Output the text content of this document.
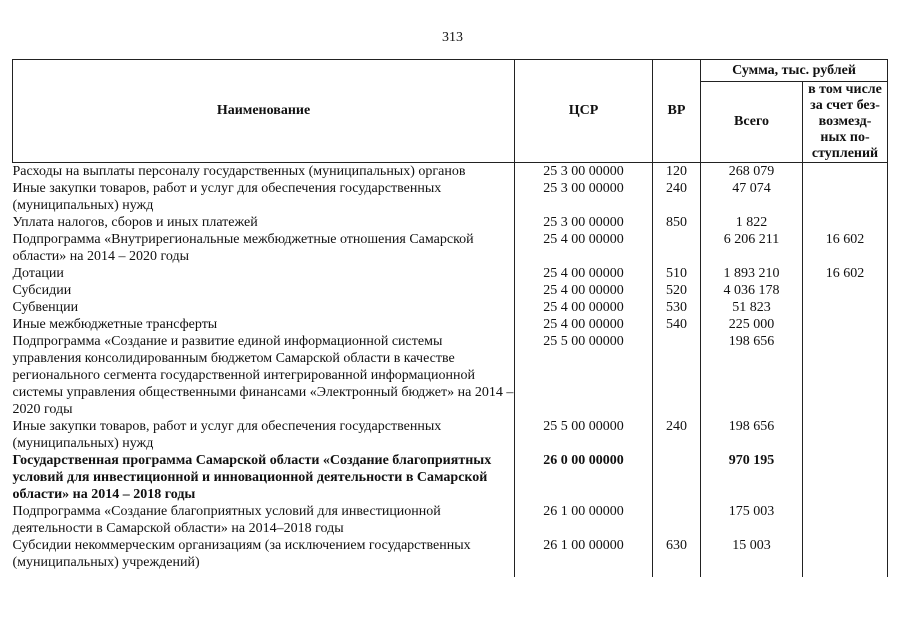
313
Наименование	ЦСР	ВР	Сумма, тыс. рублей	
			Всего	в том числе за счет без-возмезд-ных по-ступлений
Расходы на выплаты персоналу государственных (муниципальных) органов	25 3 00 00000	120	268 079	
Иные закупки товаров, работ и услуг для обеспечения государственных (муниципальных) нужд	25 3 00 00000	240	47 074	
Уплата налогов, сборов и иных платежей	25 3 00 00000	850	1 822	
Подпрограмма «Внутрирегиональные межбюджетные отношения Самарской области» на 2014 – 2020 годы	25 4 00 00000		6 206 211	16 602
Дотации	25 4 00 00000	510	1 893 210	16 602
Субсидии	25 4 00 00000	520	4 036 178	
Субвенции	25 4 00 00000	530	51 823	
Иные межбюджетные трансферты	25 4 00 00000	540	225 000	
Подпрограмма «Создание и развитие единой информационной системы управления консолидированным бюджетом Самарской области в качестве регионального сегмента государственной интегрированной информационной системы управления общественными финансами «Электронный бюджет» на 2014 – 2020 годы	25 5 00 00000		198 656	
Иные закупки товаров, работ и услуг для обеспечения государственных (муниципальных) нужд	25 5 00 00000	240	198 656	
Государственная программа Самарской области «Создание благоприятных условий для инвестиционной и инновационной деятельности в Самарской области» на 2014 – 2018 годы	26 0 00 00000		970 195	
Подпрограмма «Создание благоприятных условий для инвестиционной деятельности в Самарской области» на 2014–2018 годы	26 1 00 00000		175 003	
Субсидии некоммерческим организациям (за исключением государственных (муниципальных) учреждений)	26 1 00 00000	630	15 003	
